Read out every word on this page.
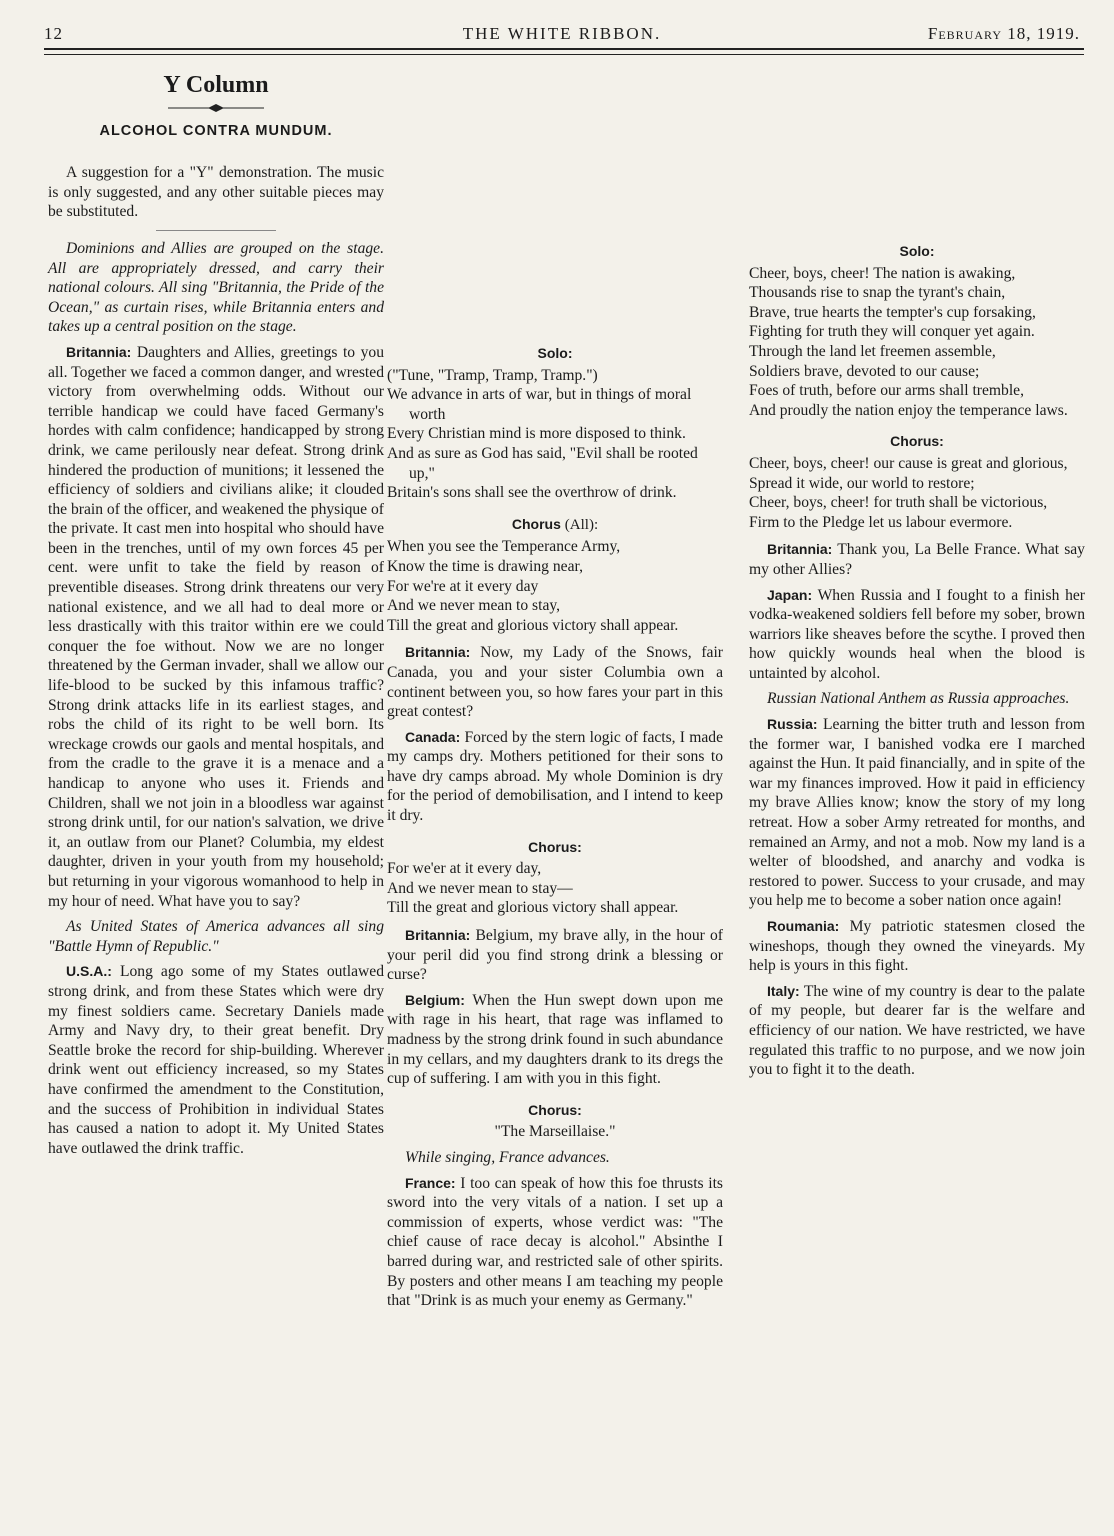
12	THE WHITE RIBBON.	February 18, 1919.
Y Column
ALCOHOL CONTRA MUNDUM.

A suggestion for a "Y" demonstration. The music is only suggested, and any other suitable pieces may be substituted.

Dominions and Allies are grouped on the stage. All are appropriately dressed, and carry their national colours. All sing "Britannia, the Pride of the Ocean," as curtain rises, while Britannia enters and takes up a central position on the stage.

Britannia: Daughters and Allies, greetings to you all. Together we faced a common danger, and wrested victory from overwhelming odds. Without our terrible handicap we could have faced Germany's hordes with calm confidence; handicapped by strong drink, we came perilously near defeat. Strong drink hindered the production of munitions; it lessened the efficiency of soldiers and civilians alike; it clouded the brain of the officer, and weakened the physique of the private. It cast men into hospital who should have been in the trenches, until of my own forces 45 per cent. were unfit to take the field by reason of preventible diseases. Strong drink threatens our very national existence, and we all had to deal more or less drastically with this traitor within ere we could conquer the foe without. Now we are no longer threatened by the German invader, shall we allow our life-blood to be sucked by this infamous traffic? Strong drink attacks life in its earliest stages, and robs the child of its right to be well born. Its wreckage crowds our gaols and mental hospitals, and from the cradle to the grave it is a menace and a handicap to anyone who uses it. Friends and Children, shall we not join in a bloodless war against strong drink until, for our nation's salvation, we drive it, an outlaw from our Planet? Columbia, my eldest daughter, driven in your youth from my household; but returning in your vigorous womanhood to help in my hour of need. What have you to say?

As United States of America advances all sing "Battle Hymn of Republic."

U.S.A.: Long ago some of my States outlawed strong drink, and from these States which were dry my finest soldiers came. Secretary Daniels made Army and Navy dry, to their great benefit. Dry Seattle broke the record for ship-building. Wherever drink went out efficiency increased, so my States have confirmed the amendment to the Constitution, and the success of Prohibition in individual States has caused a nation to adopt it. My United States have outlawed the drink traffic.

Solo:
("Tune, "Tramp, Tramp, Tramp.")
We advance in arts of war, but in things of moral worth
Every Christian mind is more disposed to think.
And as sure as God has said, "Evil shall be rooted up,"
Britain's sons shall see the overthrow of drink.
Chorus (All):
When you see the Temperance Army,
Know the time is drawing near,
For we're at it every day
And we never mean to stay,
Till the great and glorious victory shall appear.

Britannia: Now, my Lady of the Snows, fair Canada, you and your sister Columbia own a continent between you, so how fares your part in this great contest?

Canada: Forced by the stern logic of facts, I made my camps dry. Mothers petitioned for their sons to have dry camps abroad. My whole Dominion is dry for the period of demobilisation, and I intend to keep it dry.

Chorus:
For we'er at it every day,
And we never mean to stay—
Till the great and glorious victory shall appear.

Britannia: Belgium, my brave ally, in the hour of your peril did you find strong drink a blessing or curse?

Belgium: When the Hun swept down upon me with rage in his heart, that rage was inflamed to madness by the strong drink found in such abundance in my cellars, and my daughters drank to its dregs the cup of suffering. I am with you in this fight.

Chorus:
"The Marseillaise."

While singing, France advances.

France: I too can speak of how this foe thrusts its sword into the very vitals of a nation. I set up a commission of experts, whose verdict was: "The chief cause of race decay is alcohol." Absinthe I barred during war, and restricted sale of other spirits. By posters and other means I am teaching my people that "Drink is as much your enemy as Germany."

Solo:
Cheer, boys, cheer! The nation is awaking,
Thousands rise to snap the tyrant's chain,
Brave, true hearts the tempter's cup forsaking,
Fighting for truth they will conquer yet again.
Through the land let freemen assemble,
Soldiers brave, devoted to our cause;
Foes of truth, before our arms shall tremble,
And proudly the nation enjoy the temperance laws.
Chorus:
Cheer, boys, cheer! our cause is great and glorious,
Spread it wide, our world to restore;
Cheer, boys, cheer! for truth shall be victorious,
Firm to the Pledge let us labour evermore.

Britannia: Thank you, La Belle France. What say my other Allies?

Japan: When Russia and I fought to a finish her vodka-weakened soldiers fell before my sober, brown warriors like sheaves before the scythe. I proved then how quickly wounds heal when the blood is untainted by alcohol.

Russian National Anthem as Russia approaches.

Russia: Learning the bitter truth and lesson from the former war, I banished vodka ere I marched against the Hun. It paid financially, and in spite of the war my finances improved. How it paid in efficiency my brave Allies know; know the story of my long retreat. How a sober Army retreated for months, and remained an Army, and not a mob. Now my land is a welter of bloodshed, and anarchy and vodka is restored to power. Success to your crusade, and may you help me to become a sober nation once again!

Roumania: My patriotic statesmen closed the wineshops, though they owned the vineyards. My help is yours in this fight.

Italy: The wine of my country is dear to the palate of my people, but dearer far is the welfare and efficiency of our nation. We have restricted, we have regulated this traffic to no purpose, and we now join you to fight it to the death.
